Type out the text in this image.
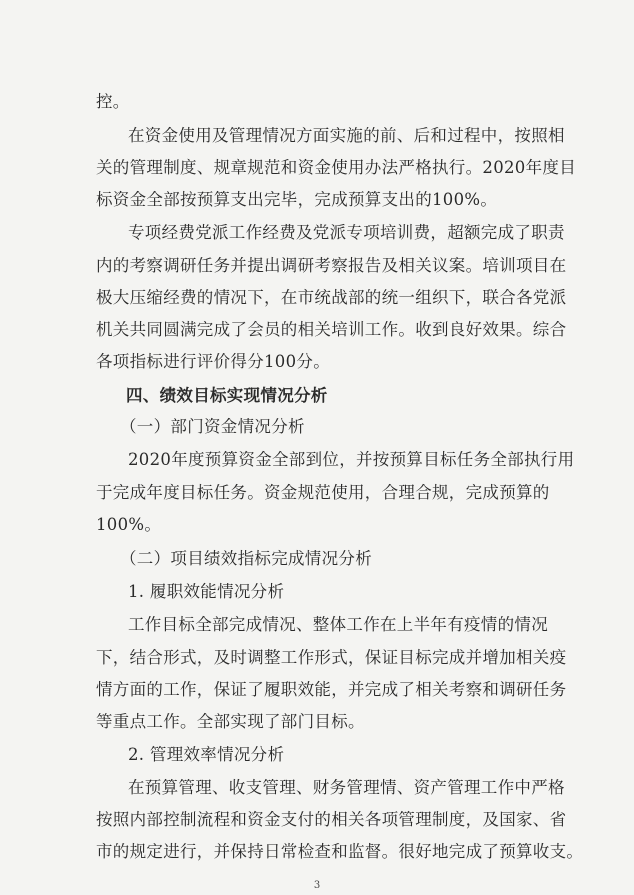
控。
在资金使用及管理情况方面实施的前、后和过程中，按照相
关的管理制度、规章规范和资金使用办法严格执行。2020年度目
标资金全部按预算支出完毕，完成预算支出的100%。
专项经费党派工作经费及党派专项培训费，超额完成了职责
内的考察调研任务并提出调研考察报告及相关议案。培训项目在
极大压缩经费的情况下，在市统战部的统一组织下，联合各党派
机关共同圆满完成了会员的相关培训工作。收到良好效果。综合
各项指标进行评价得分100分。
四、绩效目标实现情况分析
（一）部门资金情况分析
2020年度预算资金全部到位，并按预算目标任务全部执行用
于完成年度目标任务。资金规范使用，合理合规，完成预算的
100%。
（二）项目绩效指标完成情况分析
1. 履职效能情况分析
工作目标全部完成情况、整体工作在上半年有疫情的情况
下，结合形式，及时调整工作形式，保证目标完成并增加相关疫
情方面的工作，保证了履职效能，并完成了相关考察和调研任务
等重点工作。全部实现了部门目标。
2. 管理效率情况分析
在预算管理、收支管理、财务管理情、资产管理工作中严格
按照内部控制流程和资金支付的相关各项管理制度，及国家、省
市的规定进行，并保持日常检查和监督。很好地完成了预算收支。
3
